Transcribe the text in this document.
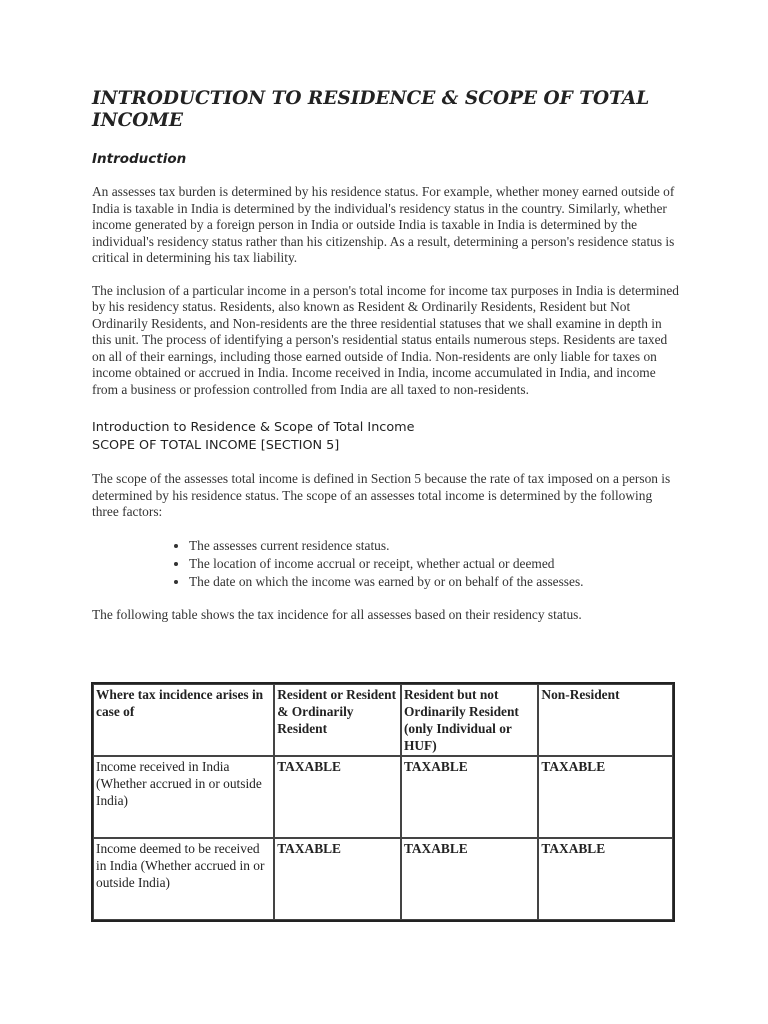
INTRODUCTION TO RESIDENCE & SCOPE OF TOTAL INCOME
Introduction

An assesses tax burden is determined by his residence status. For example, whether money earned outside of India is taxable in India is determined by the individual's residency status in the country. Similarly, whether income generated by a foreign person in India or outside India is taxable in India is determined by the individual's residency status rather than his citizenship. As a result, determining a person's residence status is critical in determining his tax liability.

The inclusion of a particular income in a person's total income for income tax purposes in India is determined by his residency status. Residents, also known as Resident & Ordinarily Residents, Resident but Not Ordinarily Residents, and Non-residents are the three residential statuses that we shall examine in depth in this unit. The process of identifying a person's residential status entails numerous steps. Residents are taxed on all of their earnings, including those earned outside of India. Non-residents are only liable for taxes on income obtained or accrued in India. Income received in India, income accumulated in India, and income from a business or profession controlled from India are all taxed to non-residents.

Introduction to Residence & Scope of Total Income
SCOPE OF TOTAL INCOME [SECTION 5]

The scope of the assesses total income is defined in Section 5 because the rate of tax imposed on a person is determined by his residence status. The scope of an assesses total income is determined by the following three factors:

• The assesses current residence status.
• The location of income accrual or receipt, whether actual or deemed
• The date on which the income was earned by or on behalf of the assesses.

The following table shows the tax incidence for all assesses based on their residency status.

Where tax incidence arises in case of	Resident or Resident & Ordinarily Resident	Resident but not Ordinarily Resident (only Individual or HUF)	Non-Resident
Income received in India (Whether accrued in or outside India)	TAXABLE	TAXABLE	TAXABLE
Income deemed to be received in India (Whether accrued in or outside India)	TAXABLE	TAXABLE	TAXABLE
